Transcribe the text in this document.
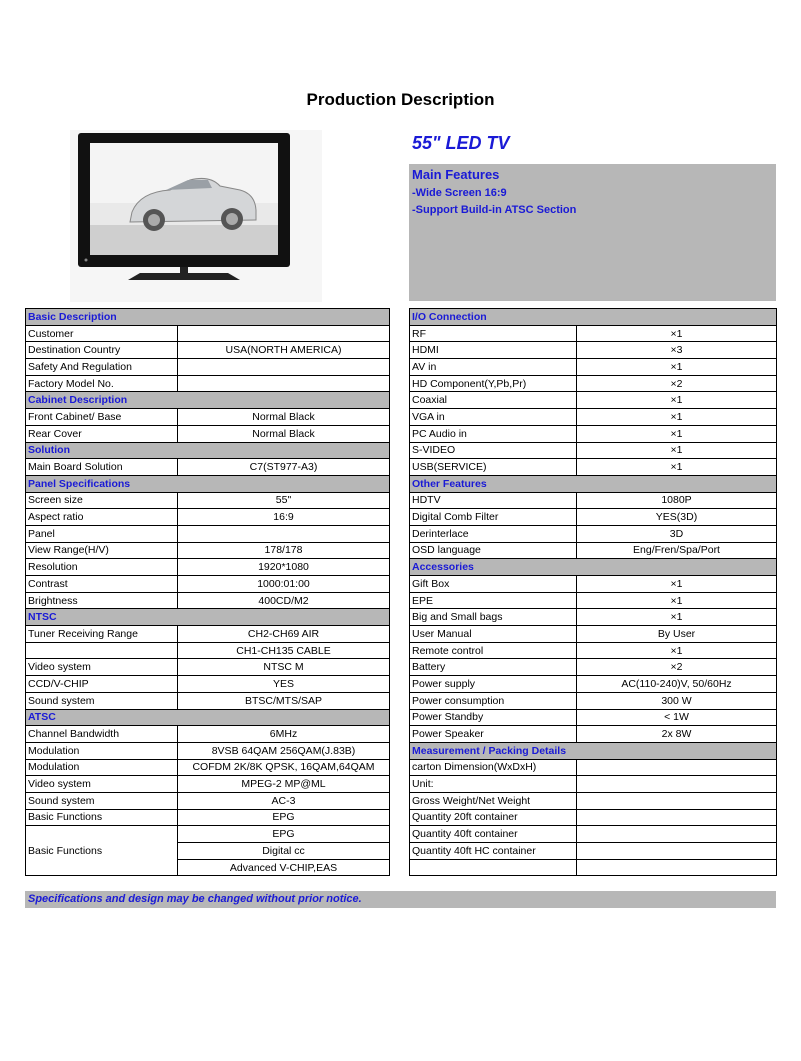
Production Description
55" LED TV
Main Features
-Wide Screen 16:9
-Support Build-in ATSC Section
Basic Description	
Customer	
Destination Country	USA(NORTH AMERICA)
Safety And Regulation	
Factory Model No.	
Cabinet Description	
Front Cabinet/ Base	Normal Black
Rear Cover	Normal Black
Solution	
Main Board Solution	C7(ST977-A3)
Panel Specifications	
Screen size	55"
Aspect ratio	16:9
Panel	
View Range(H/V)	178/178
Resolution	1920*1080
Contrast	1000:01:00
Brightness	400CD/M2
NTSC	
Tuner Receiving Range	CH2-CH69 AIR
	CH1-CH135 CABLE
Video system	NTSC M
CCD/V-CHIP	YES
Sound system	BTSC/MTS/SAP
ATSC	
Channel Bandwidth	6MHz
Modulation	8VSB 64QAM 256QAM(J.83B)
Modulation	COFDM 2K/8K QPSK, 16QAM,64QAM
Video system	MPEG-2 MP@ML
Sound system	AC-3
Basic Functions	EPG
Basic Functions	EPG
	Digital cc
	Advanced V-CHIP,EAS
I/O Connection	
RF	×1
HDMI	×3
AV in	×1
HD Component(Y,Pb,Pr)	×2
Coaxial	×1
VGA in	×1
PC Audio in	×1
S-VIDEO	×1
USB(SERVICE)	×1
Other Features	
HDTV	1080P
Digital Comb Filter	YES(3D)
Derinterlace	3D
OSD language	Eng/Fren/Spa/Port
Accessories	
Gift Box	×1
EPE	×1
Big and Small bags	×1
User Manual	By User
Remote control	×1
Battery	×2
Power supply	AC(110-240)V, 50/60Hz
Power consumption	300 W
Power Standby	< 1W
Power Speaker	2x 8W
Measurement / Packing Details	
carton Dimension(WxDxH)	
Unit:	
Gross Weight/Net Weight	
Quantity 20ft container	
Quantity 40ft container	
Quantity 40ft HC container	

Specifications and design may be changed without prior notice.
